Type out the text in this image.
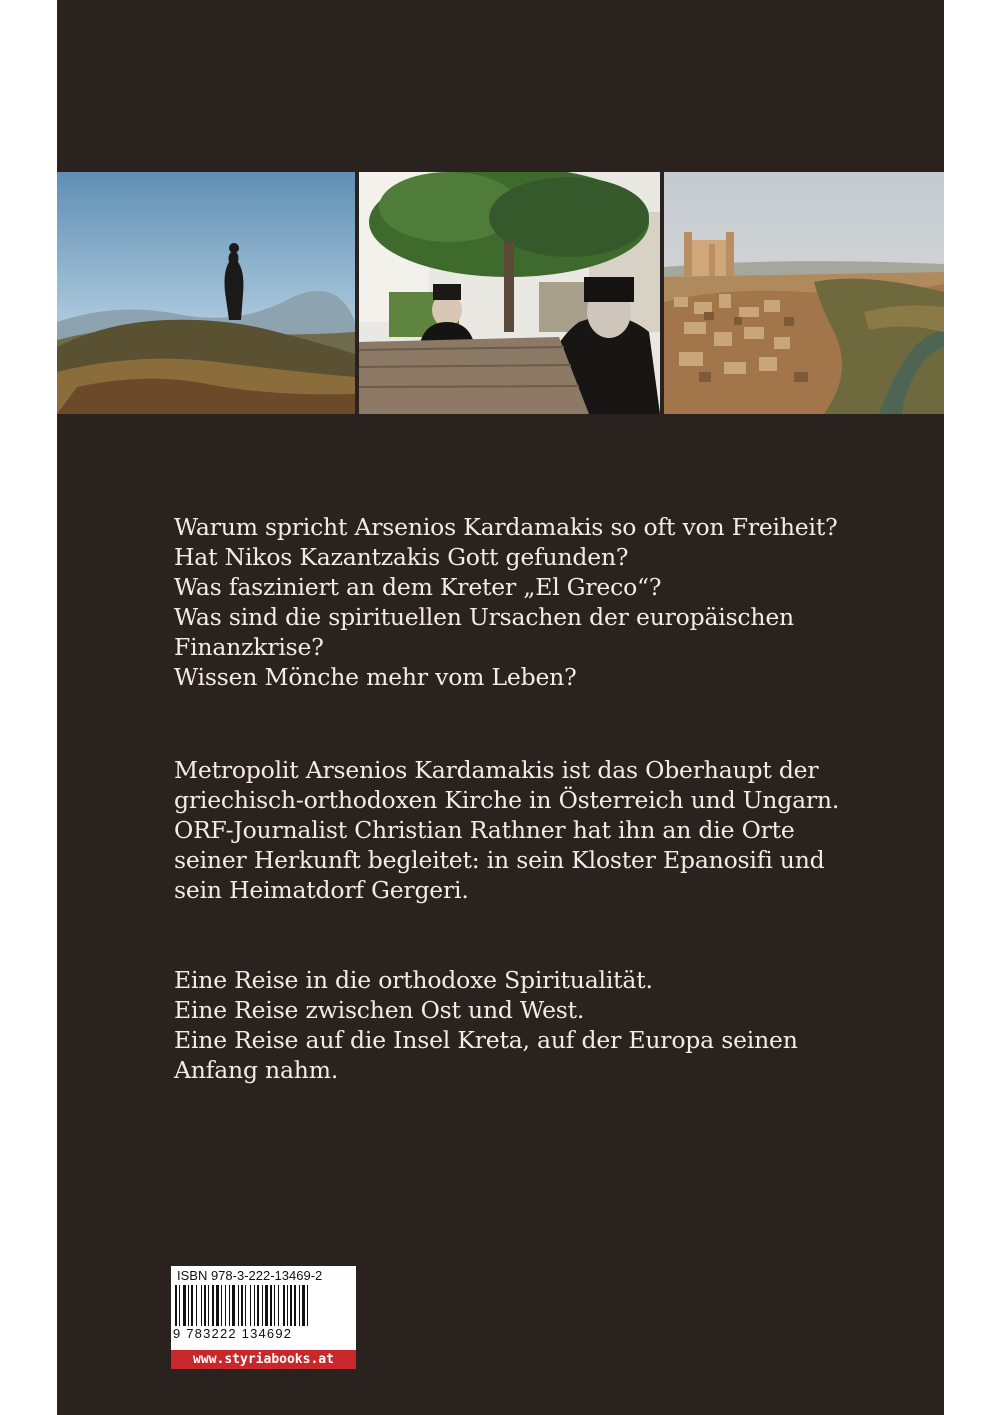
Warum spricht Arsenios Kardamakis so oft von Freiheit?
Hat Nikos Kazantzakis Gott gefunden?
Was fasziniert an dem Kreter „El Greco“?
Was sind die spirituellen Ursachen der europäischen
Finanzkrise?
Wissen Mönche mehr vom Leben?
Metropolit Arsenios Kardamakis ist das Oberhaupt der
griechisch-orthodoxen Kirche in Österreich und Ungarn.
ORF-Journalist Christian Rathner hat ihn an die Orte
seiner Herkunft begleitet: in sein Kloster Epanosifi und
sein Heimatdorf Gergeri.
Eine Reise in die orthodoxe Spiritualität.
Eine Reise zwischen Ost und West.
Eine Reise auf die Insel Kreta, auf der Europa seinen
Anfang nahm.
ISBN 978-3-222-13469-2
9 783222 134692
www.styriabooks.at
